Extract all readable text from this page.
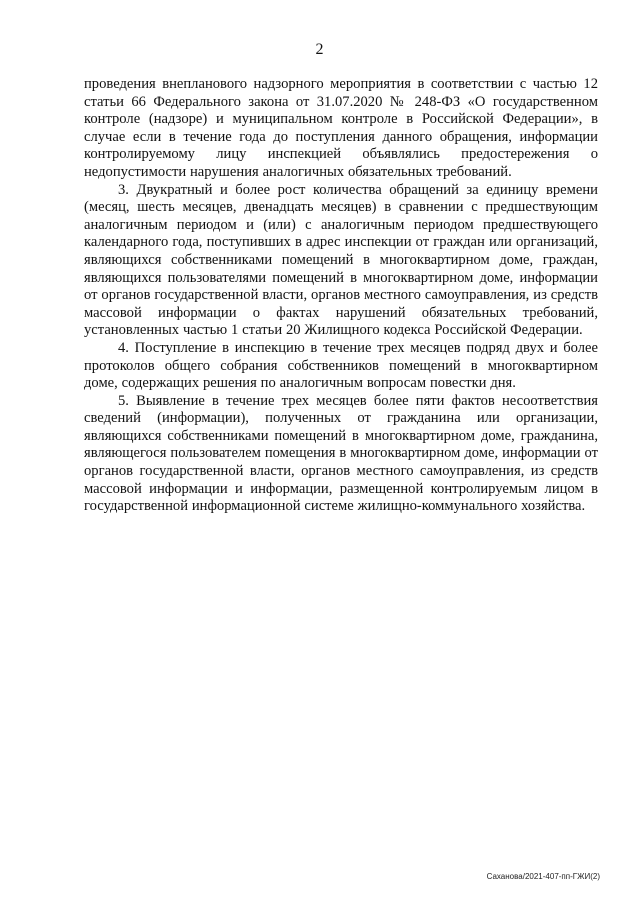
2

проведения внепланового надзорного мероприятия в соответствии с частью 12 статьи 66 Федерального закона от 31.07.2020 № 248-ФЗ «О государственном контроле (надзоре) и муниципальном контроле в Российской Федерации», в случае если в течение года до поступления данного обращения, информации контролируемому лицу инспекцией объявлялись предостережения о недопустимости нарушения аналогичных обязательных требований.

3. Двукратный и более рост количества обращений за единицу времени (месяц, шесть месяцев, двенадцать месяцев) в сравнении с предшествующим аналогичным периодом и (или) с аналогичным периодом предшествующего календарного года, поступивших в адрес инспекции от граждан или организаций, являющихся собственниками помещений в многоквартирном доме, граждан, являющихся пользователями помещений в многоквартирном доме, информации от органов государственной власти, органов местного самоуправления, из средств массовой информации о фактах нарушений обязательных требований, установленных частью 1 статьи 20 Жилищного кодекса Российской Федерации.

4. Поступление в инспекцию в течение трех месяцев подряд двух и более протоколов общего собрания собственников помещений в многоквартирном доме, содержащих решения по аналогичным вопросам повестки дня.

5. Выявление в течение трех месяцев более пяти фактов несоответствия сведений (информации), полученных от гражданина или организации, являющихся собственниками помещений в многоквартирном доме, гражданина, являющегося пользователем помещения в многоквартирном доме, информации от органов государственной власти, органов местного самоуправления, из средств массовой информации и информации, размещенной контролируемым лицом в государственной информационной системе жилищно-коммунального хозяйства.

Саханова/2021-407-пп-ГЖИ(2)
